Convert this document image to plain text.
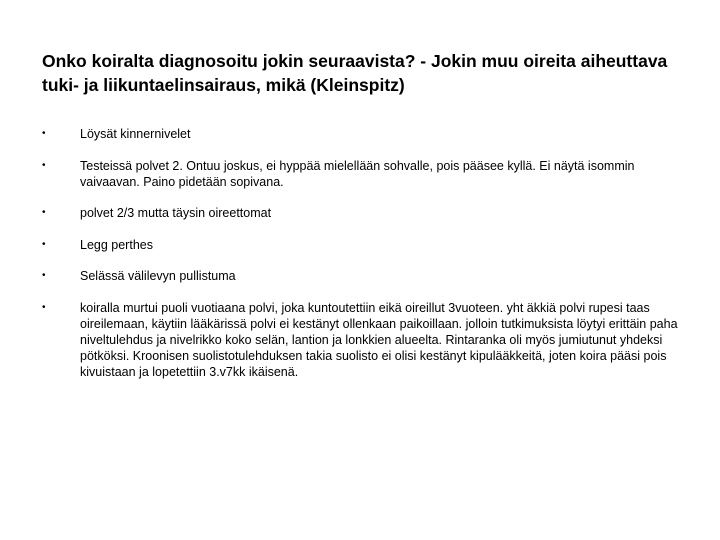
Onko koiralta diagnosoitu jokin seuraavista? - Jokin muu oireita aiheuttava tuki- ja liikuntaelinsairaus, mikä (Kleinspitz)
•	Löysät kinnernivelet
•	Testeissä polvet 2. Ontuu joskus, ei hyppää mielellään sohvalle, pois pääsee kyllä. Ei näytä isommin vaivaavan. Paino pidetään sopivana.
•	polvet 2/3 mutta täysin oireettomat
•	Legg perthes
•	Selässä välilevyn pullistuma
•	koiralla murtui puoli vuotiaana polvi, joka kuntoutettiin eikä oireillut 3vuoteen. yht äkkiä polvi rupesi taas oireilemaan, käytiin lääkärissä polvi ei kestänyt ollenkaan paikoillaan. jolloin tutkimuksista löytyi erittäin paha niveltulehdus ja nivelrikko koko selän, lantion ja lonkkien alueelta. Rintaranka oli myös jumiutunut yhdeksi pötköksi. Kroonisen suolistotulehduksen takia suolisto ei olisi kestänyt kipulääkkeitä, joten koira pääsi pois kivuistaan ja lopetettiin 3.v7kk ikäisenä.
